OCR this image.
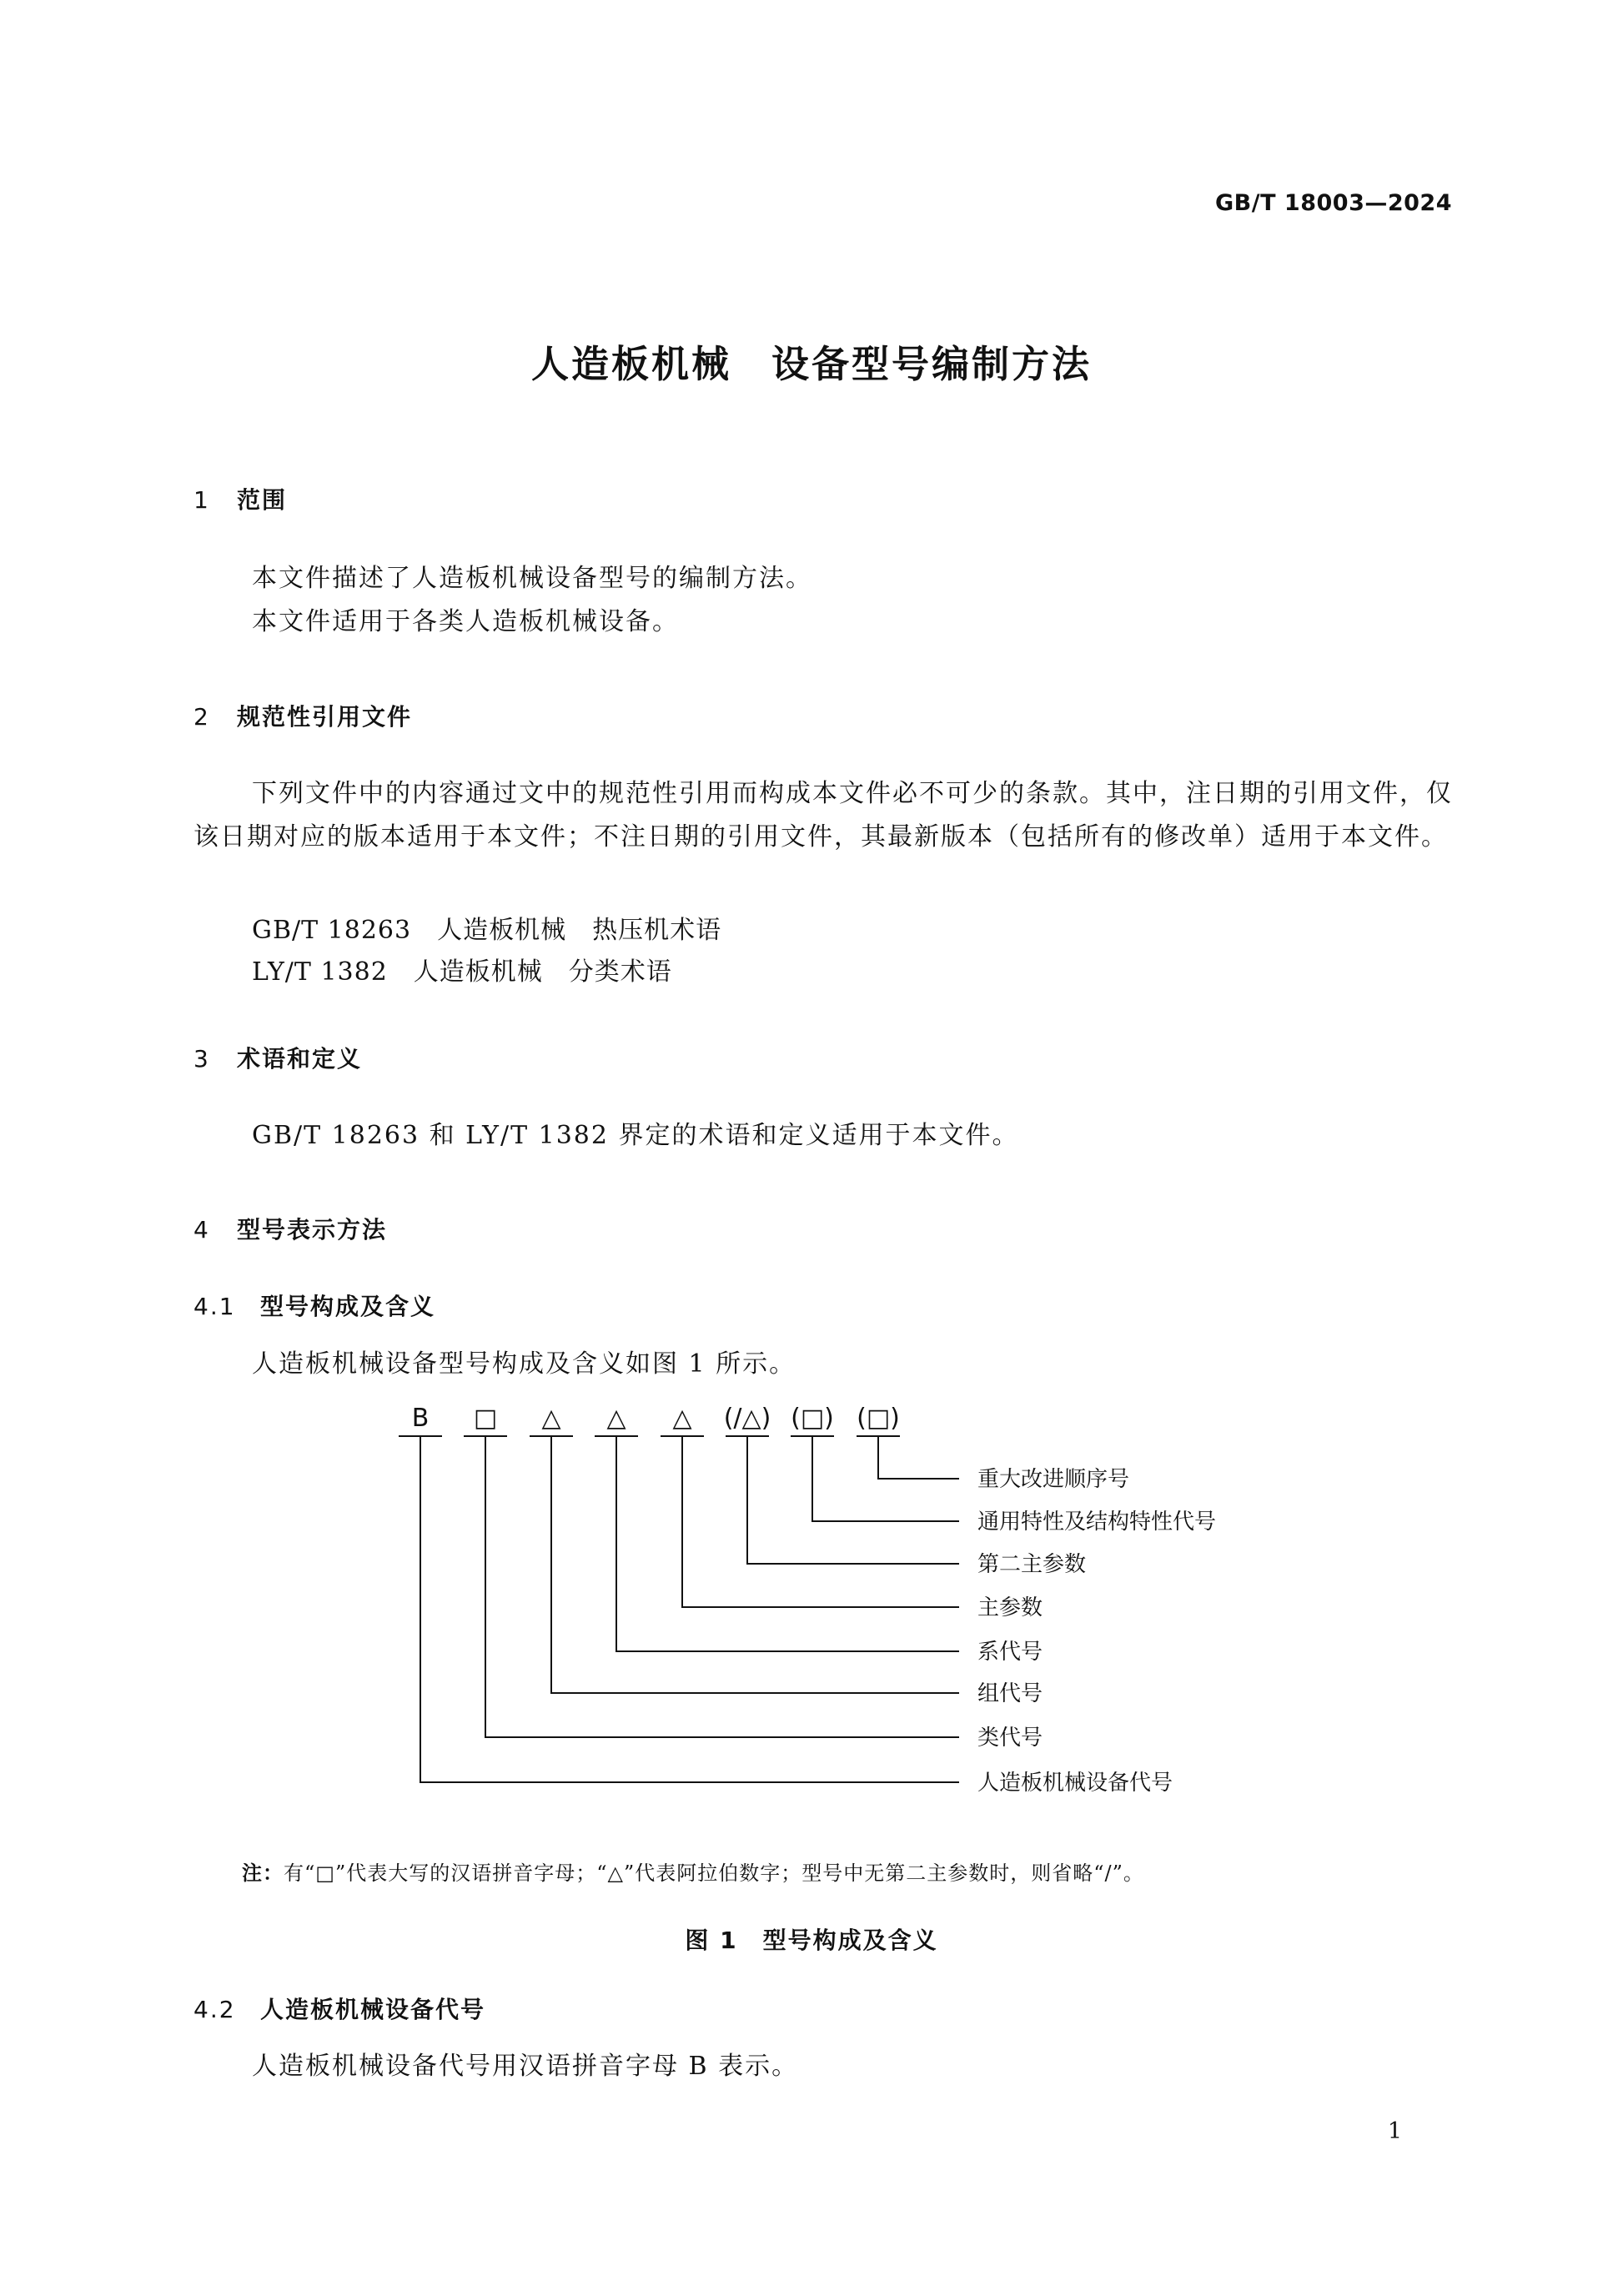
GB/T 18003—2024
人造板机械　设备型号编制方法
1 范围
本文件描述了人造板机械设备型号的编制方法。
本文件适用于各类人造板机械设备。
2 规范性引用文件
下列文件中的内容通过文中的规范性引用而构成本文件必不可少的条款。其中，注日期的引用文件，仅该日期对应的版本适用于本文件；不注日期的引用文件，其最新版本（包括所有的修改单）适用于本文件。
GB/T 18263　人造板机械　热压机术语
LY/T 1382　人造板机械　分类术语
3 术语和定义
GB/T 18263 和 LY/T 1382 界定的术语和定义适用于本文件。
4 型号表示方法
4.1 型号构成及含义
人造板机械设备型号构成及含义如图 1 所示。
B □ △ △ △ (/△) (□) (□)
重大改进顺序号
通用特性及结构特性代号
第二主参数
主参数
系代号
组代号
类代号
人造板机械设备代号
注：有“□”代表大写的汉语拼音字母；“△”代表阿拉伯数字；型号中无第二主参数时，则省略“/”。
图 1　型号构成及含义
4.2 人造板机械设备代号
人造板机械设备代号用汉语拼音字母 B 表示。
1
